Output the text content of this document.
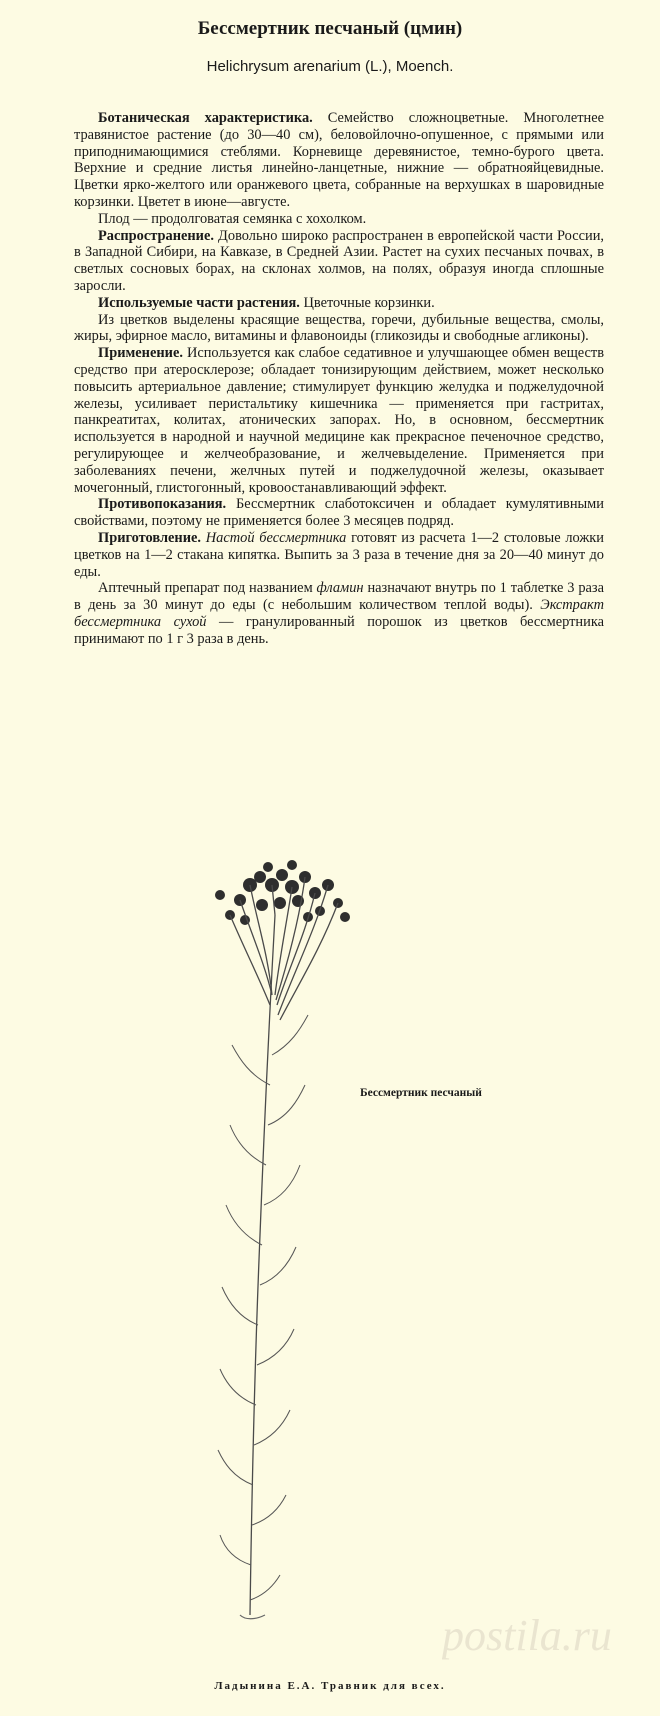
Бессмертник песчаный (цмин)
Helichrysum arenarium (L.), Moench.

Ботаническая характеристика. Семейство сложноцветные. Многолетнее травянистое растение (до 30—40 см), беловойлочно-опушенное, с прямыми или приподнимающимися стеблями. Корневище деревянистое, темно-бурого цвета. Верхние и средние листья линейно-ланцетные, нижние — обратнояйцевидные. Цветки ярко-желтого или оранжевого цвета, собранные на верхушках в шаровидные корзинки. Цветет в июне—августе.

Плод — продолговатая семянка с хохолком.

Распространение. Довольно широко распространен в европейской части России, в Западной Сибири, на Кавказе, в Средней Азии. Растет на сухих песчаных почвах, в светлых сосновых борах, на склонах холмов, на полях, образуя иногда сплошные заросли.

Используемые части растения. Цветочные корзинки.

Из цветков выделены красящие вещества, горечи, дубильные вещества, смолы, жиры, эфирное масло, витамины и флавоноиды (гликозиды и свободные агликоны).

Применение. Используется как слабое седативное и улучшающее обмен веществ средство при атеросклерозе; обладает тонизирующим действием, может несколько повысить артериальное давление; стимулирует функцию желудка и поджелудочной железы, усиливает перистальтику кишечника — применяется при гастритах, панкреатитах, колитах, атонических запорах. Но, в основном, бессмертник используется в народной и научной медицине как прекрасное печеночное средство, регулирующее и желчеобразование, и желчевыделение. Применяется при заболеваниях печени, желчных путей и поджелудочной железы, оказывает мочегонный, глистогонный, кровоостанавливающий эффект.

Противопоказания. Бессмертник слаботоксичен и обладает кумулятивными свойствами, поэтому не применяется более 3 месяцев подряд.

Приготовление. Настой бессмертника готовят из расчета 1—2 столовые ложки цветков на 1—2 стакана кипятка. Выпить за 3 раза в течение дня за 20—40 минут до еды.

Аптечный препарат под названием фламин назначают внутрь по 1 таблетке 3 раза в день за 30 минут до еды (с небольшим количеством теплой воды). Экстракт бессмертника сухой — гранулированный порошок из цветков бессмертника принимают по 1 г 3 раза в день.

Бессмертник песчаный
postila.ru
Ладынина Е.А. Травник для всех.
